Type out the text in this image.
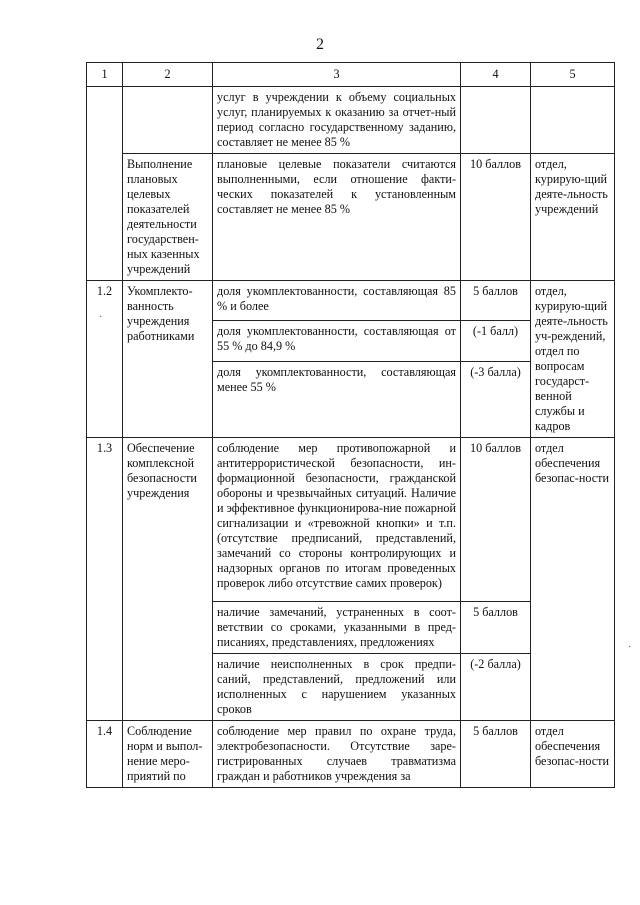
2
1	2	3	4	5
		услуг в учреждении к объему социальных услуг, планируемых к оказанию за отчет-ный период согласно государственному заданию, составляет не менее 85 %		
	Выполнение плановых целевых показателей деятельности государствен-ных казенных учреждений	плановые целевые показатели считаются выполненными, если отношение факти-ческих показателей к установленным составляет не менее 85 %	10 баллов	отдел, курирую-щий деяте-льность учреждений
1.2	Укомплекто-ванность учреждения работниками	доля укомплектованности, составляющая 85 % и более	5 баллов	отдел, курирую-щий деяте-льность уч-реждений, отдел по вопросам государст-венной службы и кадров
		доля укомплектованности, составляющая от 55 % до 84,9 %	(-1 балл)	
		доля укомплектованности, составляющая менее 55 %	(-3 балла)	
1.3	Обеспечение комплексной безопасности учреждения	соблюдение мер противопожарной и антитеррористической безопасности, ин-формационной безопасности, гражданской обороны и чрезвычайных ситуаций. Наличие и эффективное функционирова-ние пожарной сигнализации и «тревожной кнопки» и т.п. (отсутствие предписаний, представлений, замечаний со стороны контролирующих и надзорных органов по итогам проведенных проверок либо отсутствие самих проверок)	10 баллов	отдел обеспечения безопас-ности
		наличие замечаний, устраненных в соот-ветствии со сроками, указанными в пред-писаниях, представлениях, предложениях	5 баллов	
		наличие неисполненных в срок предпи-саний, представлений, предложений или исполненных с нарушением указанных сроков	(-2 балла)	
1.4	Соблюдение норм и выпол-нение меро-приятий по	соблюдение мер правил по охране труда, электробезопасности. Отсутствие заре-гистрированных случаев травматизма граждан и работников учреждения за	5 баллов	отдел обеспечения безопас-ности
·
·
